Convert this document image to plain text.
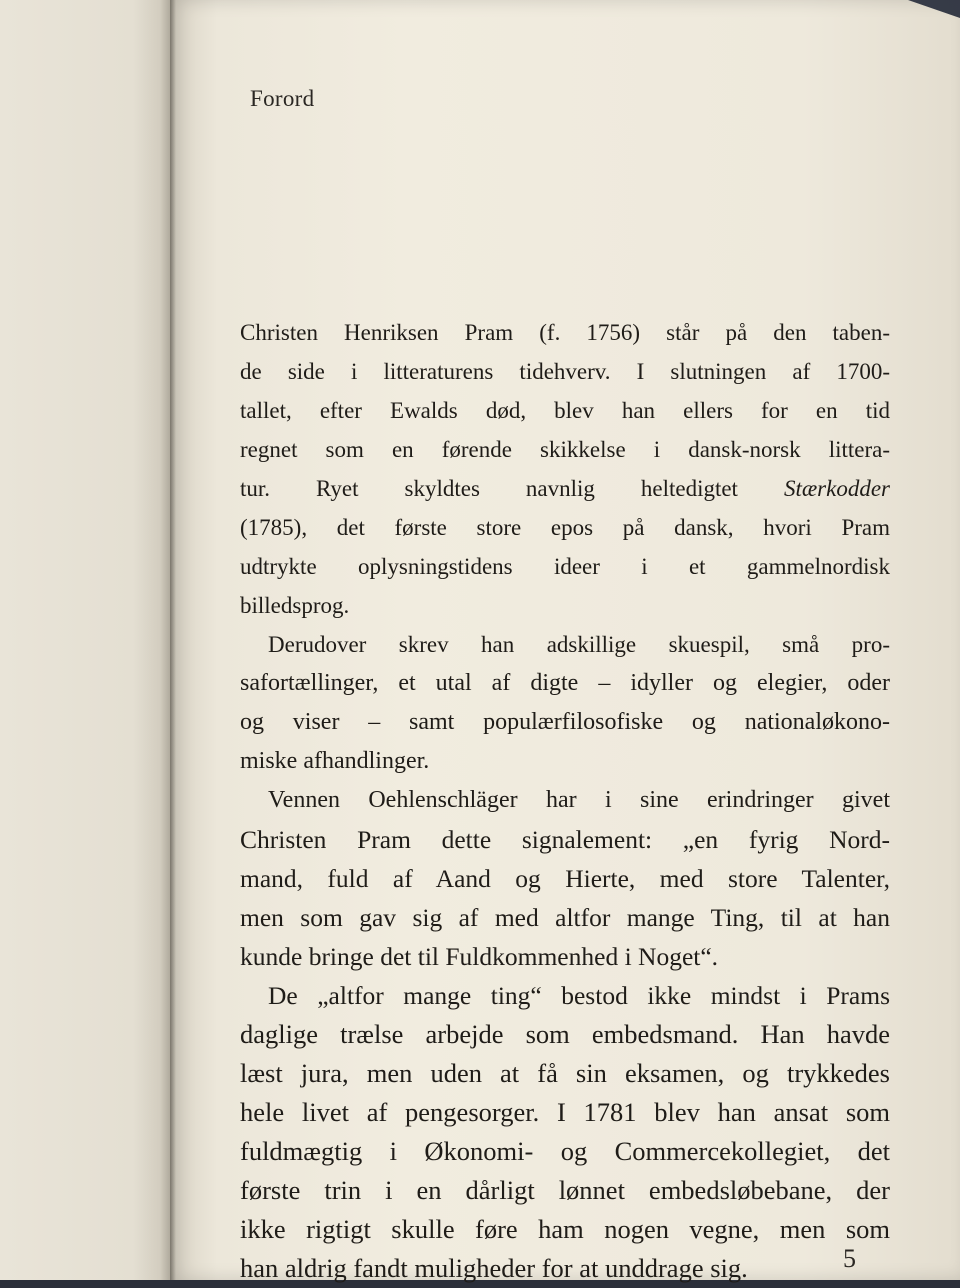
Forord
Christen Henriksen Pram (f. 1756) står på den taben-
de side i litteraturens tidehverv. I slutningen af 1700-
tallet, efter Ewalds død, blev han ellers for en tid
regnet som en førende skikkelse i dansk-norsk littera-
tur. Ryet skyldtes navnlig heltedigtet Stærkodder
(1785), det første store epos på dansk, hvori Pram
udtrykte oplysningstidens ideer i et gammelnordisk
billedsprog.
Derudover skrev han adskillige skuespil, små pro-
safortællinger, et utal af digte – idyller og elegier, oder
og viser – samt populærfilosofiske og nationaløkono-
miske afhandlinger.
Vennen Oehlenschläger har i sine erindringer givet
Christen Pram dette signalement: „en fyrig Nord-
mand, fuld af Aand og Hierte, med store Talenter,
men som gav sig af med altfor mange Ting, til at han
kunde bringe det til Fuldkommenhed i Noget“.
De „altfor mange ting“ bestod ikke mindst i Prams
daglige trælse arbejde som embedsmand. Han havde
læst jura, men uden at få sin eksamen, og trykkedes
hele livet af pengesorger. I 1781 blev han ansat som
fuldmægtig i Økonomi- og Commercekollegiet, det
første trin i en dårligt lønnet embedsløbebane, der
ikke rigtigt skulle føre ham nogen vegne, men som
han aldrig fandt muligheder for at unddrage sig.	5
